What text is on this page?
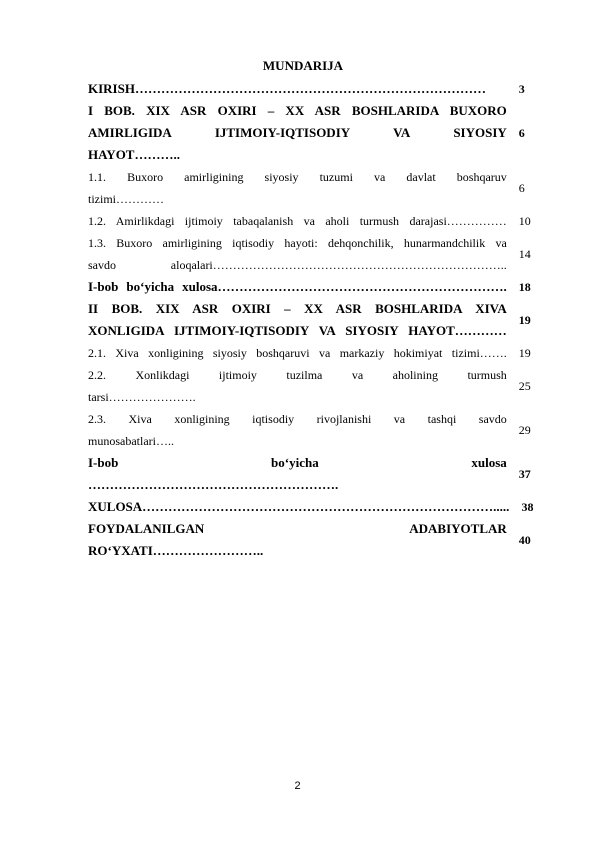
MUNDARIJA
KIRISH………………………………………………………………………	3
I BOB. XIX ASR OXIRI – XX ASR BOSHLARIDA BUXORO
AMIRLIGIDA IJTIMOIY-IQTISODIY VA SIYOSIY
HAYOT………..
6
1.1. Buxoro amirligining siyosiy tuzumi va davlat boshqaruv
tizimi…………
6
1.2. Amirlikdagi ijtimoiy tabaqalanish va aholi turmush darajasi…………… 10
1.3. Buxoro amirligining iqtisodiy hayoti: dehqonchilik, hunarmandchilik va
savdo aloqalari………………………………………………………………..
14
I-bob bo‘yicha xulosa…………………………………………………………. 18
II BOB. XIX ASR OXIRI – XX ASR BOSHLARIDA XIVA
XONLIGIDA IJTIMOIY-IQTISODIY VA SIYOSIY HAYOT…………
19
2.1. Xiva xonligining siyosiy boshqaruvi va markaziy hokimiyat tizimi……. 19
2.2. Xonlikdagi ijtimoiy tuzilma va aholining turmush
tarsi………………….
25
2.3. Xiva xonligining iqtisodiy rivojlanishi va tashqi savdo
munosabatlari…..
29
I-bob bo‘yicha xulosa
………………………………………………….
37
XULOSA………………………………………………………………………..... 38
FOYDALANILGAN ADABIYOTLAR
RO‘YXATI……………………..
40
2
